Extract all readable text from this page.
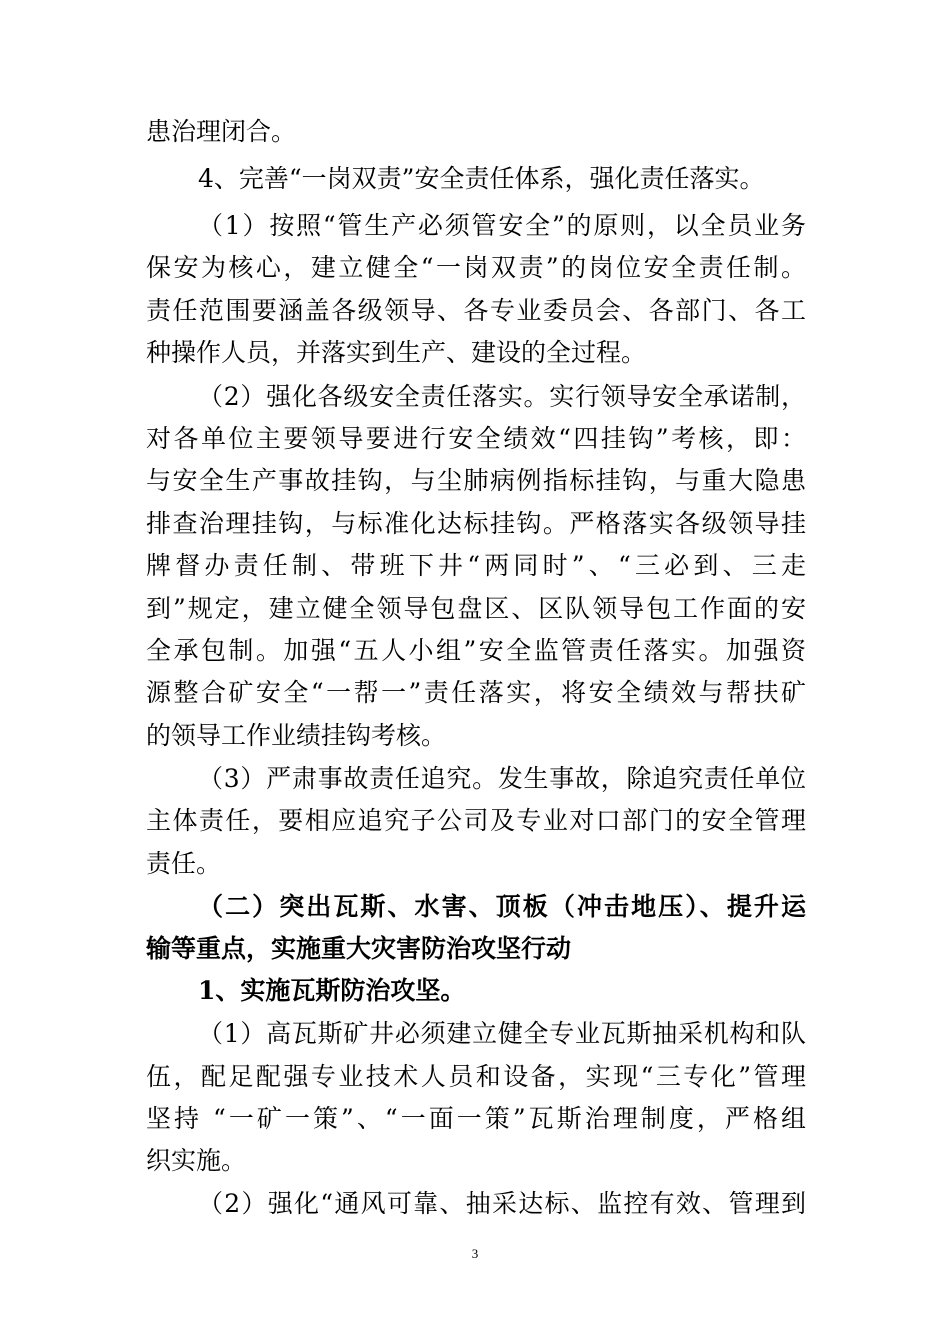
患治理闭合。
4、完善“一岗双责”安全责任体系，强化责任落实。
（1）按照“管生产必须管安全”的原则，以全员业务
保安为核心，建立健全“一岗双责”的岗位安全责任制。
责任范围要涵盖各级领导、各专业委员会、各部门、各工
种操作人员，并落实到生产、建设的全过程。
（2）强化各级安全责任落实。实行领导安全承诺制，
对各单位主要领导要进行安全绩效“四挂钩”考核，即：
与安全生产事故挂钩，与尘肺病例指标挂钩，与重大隐患
排查治理挂钩，与标准化达标挂钩。严格落实各级领导挂
牌督办责任制、带班下井“两同时”、“三必到、三走
到”规定，建立健全领导包盘区、区队领导包工作面的安
全承包制。加强“五人小组”安全监管责任落实。加强资
源整合矿安全“一帮一”责任落实，将安全绩效与帮扶矿
的领导工作业绩挂钩考核。
（3）严肃事故责任追究。发生事故，除追究责任单位
主体责任，要相应追究子公司及专业对口部门的安全管理
责任。
（二）突出瓦斯、水害、顶板（冲击地压）、提升运
输等重点，实施重大灾害防治攻坚行动
1、实施瓦斯防治攻坚。
（1）高瓦斯矿井必须建立健全专业瓦斯抽采机构和队
伍，配足配强专业技术人员和设备，实现“三专化”管理
坚持 “一矿一策”、“一面一策”瓦斯治理制度，严格组
织实施。
（2）强化“通风可靠、抽采达标、监控有效、管理到
3
